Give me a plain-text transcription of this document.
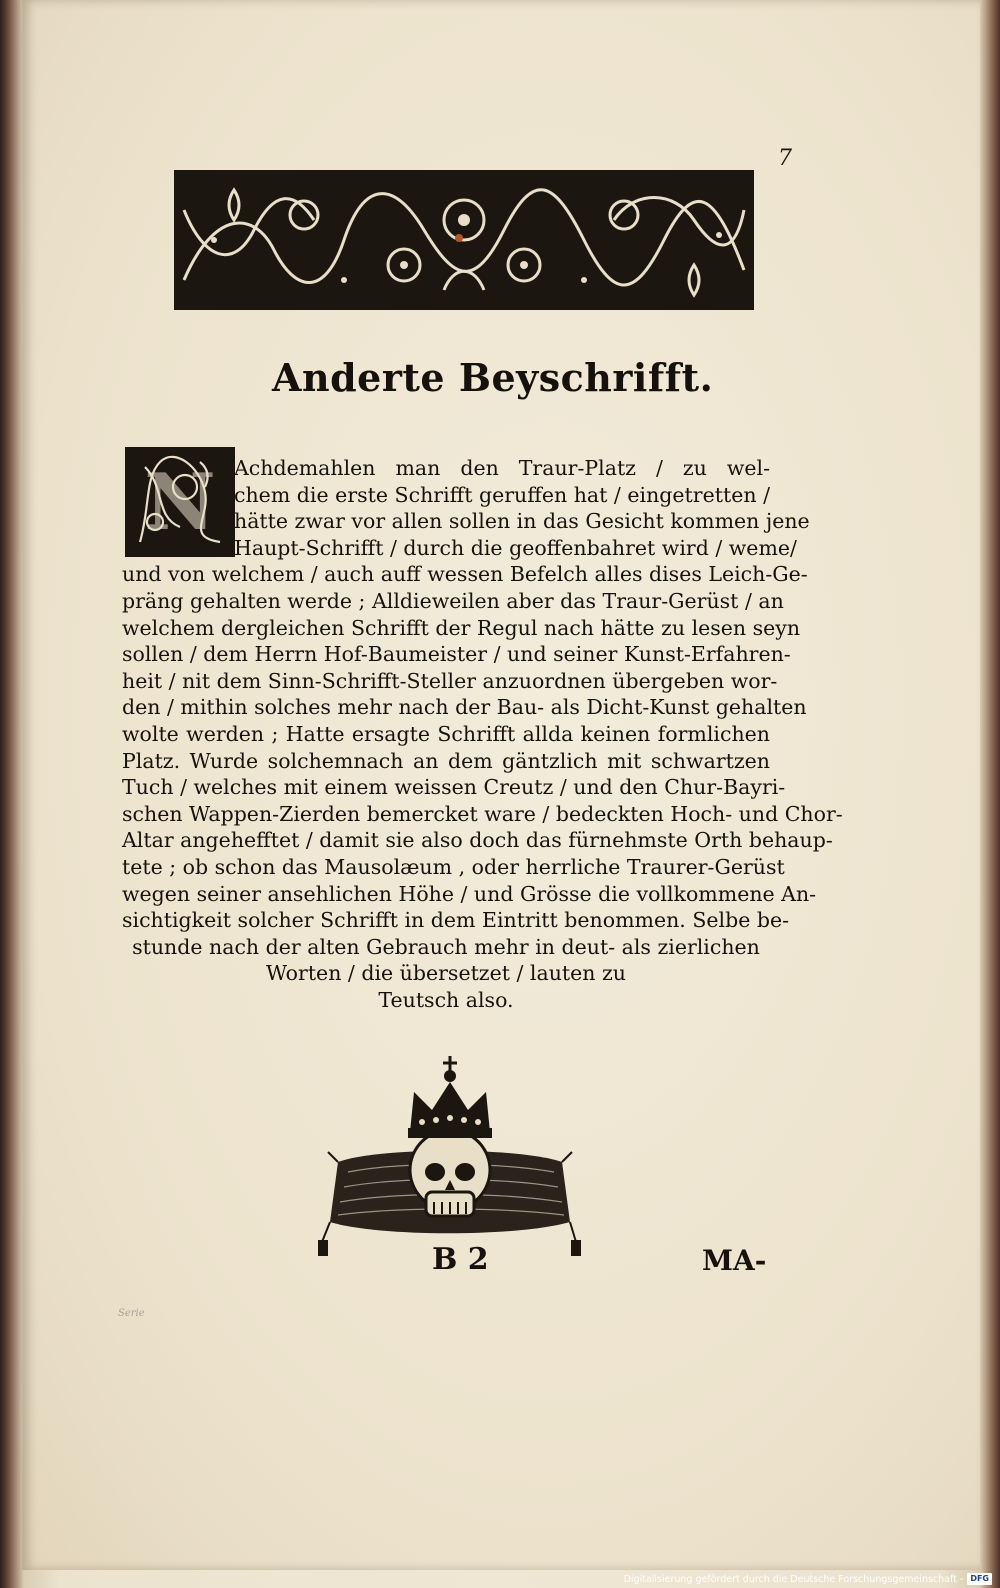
7
Anderte Beyschrifft.
N Achdemahlen man den Traur-Platz / zu wel-
chem die erste Schrifft geruffen hat / eingetretten /
hätte zwar vor allen sollen in das Gesicht kommen jene
Haupt-Schrifft / durch die geoffenbahret wird / weme/
und von welchem / auch auff wessen Befelch alles dises Leich-Ge-
präng gehalten werde ; Alldieweilen aber das Traur-Gerüst / an
welchem dergleichen Schrifft der Regul nach hätte zu lesen seyn
sollen / dem Herrn Hof-Baumeister / und seiner Kunst-Erfahren-
heit / nit dem Sinn-Schrifft-Steller anzuordnen übergeben wor-
den / mithin solches mehr nach der Bau- als Dicht-Kunst gehalten
wolte werden ; Hatte ersagte Schrifft allda keinen formlichen
Platz. Wurde solchemnach an dem gäntzlich mit schwartzen
Tuch / welches mit einem weissen Creutz / und den Chur-Bayri-
schen Wappen-Zierden bemercket ware / bedeckten Hoch- und Chor-
Altar angehefftet / damit sie also doch das fürnehmste Orth behaup-
tete ; ob schon das Mausolæum , oder herrliche Traurer-Gerüst
wegen seiner ansehlichen Höhe / und Grösse die vollkommene An-
sichtigkeit solcher Schrifft in dem Eintritt benommen. Selbe be-
stunde nach der alten Gebrauch mehr in deut- als zierlichen
Worten / die übersetzet / lauten zu
Teutsch also.
B 2	MA-
Serie
Digitalisierung gefördert durch die Deutsche Forschungsgemeinschaft - DFG
